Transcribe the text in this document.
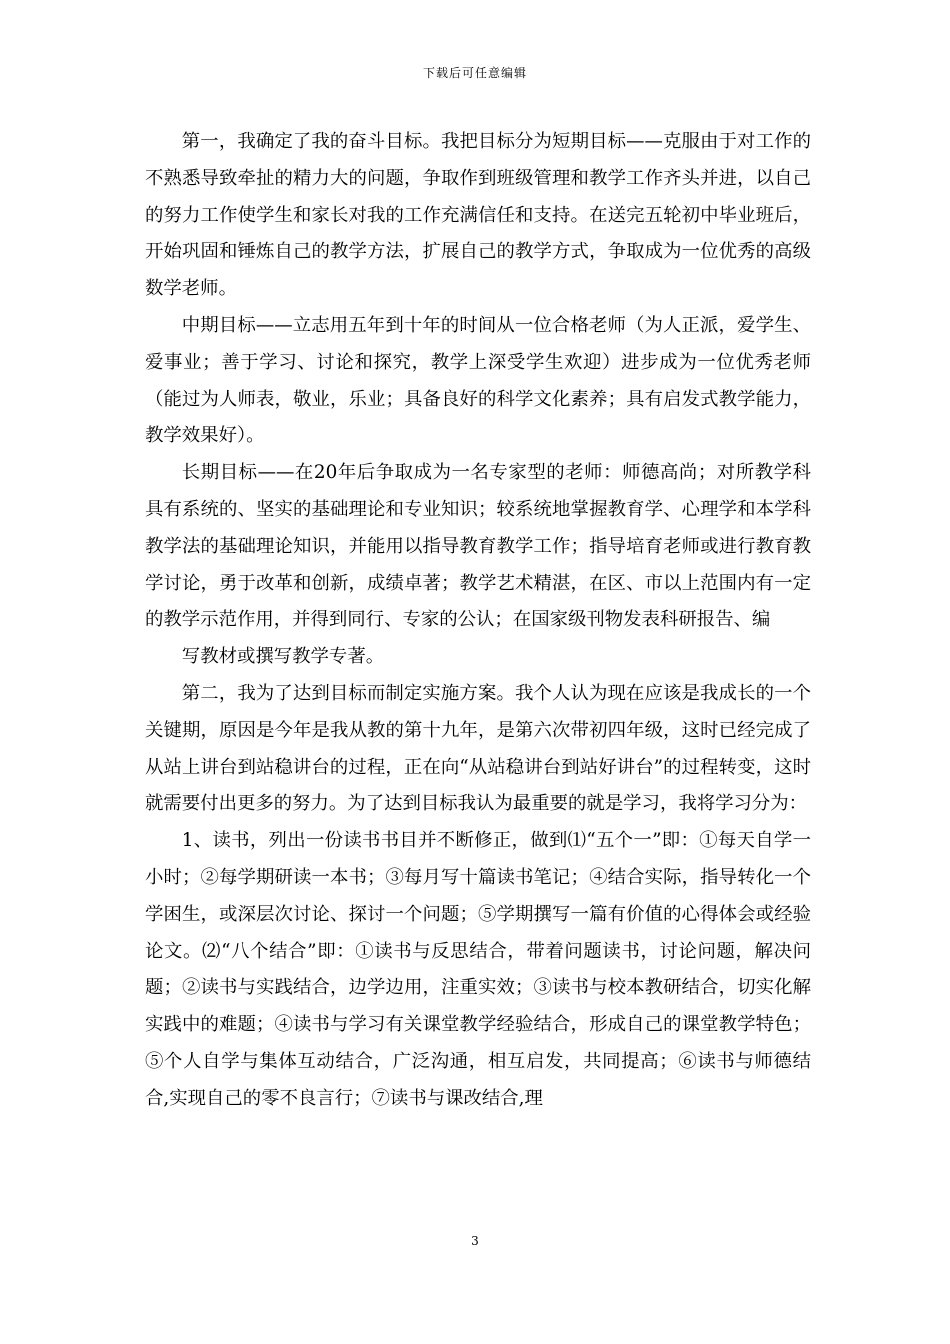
下载后可任意编辑

第一，我确定了我的奋斗目标。我把目标分为短期目标——克服由于对工作的不熟悉导致牵扯的精力大的问题，争取作到班级管理和教学工作齐头并进，以自己的努力工作使学生和家长对我的工作充满信任和支持。在送完五轮初中毕业班后，开始巩固和锤炼自己的教学方法，扩展自己的教学方式，争取成为一位优秀的高级数学老师。

中期目标——立志用五年到十年的时间从一位合格老师（为人正派，爱学生、爱事业；善于学习、讨论和探究，教学上深受学生欢迎）进步成为一位优秀老师（能过为人师表，敬业，乐业；具备良好的科学文化素养；具有启发式教学能力，教学效果好）。

长期目标——在20年后争取成为一名专家型的老师：师德高尚；对所教学科具有系统的、坚实的基础理论和专业知识；较系统地掌握教育学、心理学和本学科教学法的基础理论知识，并能用以指导教育教学工作；指导培育老师或进行教育教学讨论，勇于改革和创新，成绩卓著；教学艺术精湛，在区、市以上范围内有一定的教学示范作用，并得到同行、专家的公认；在国家级刊物发表科研报告、编

写教材或撰写教学专著。

第二，我为了达到目标而制定实施方案。我个人认为现在应该是我成长的一个关键期，原因是今年是我从教的第十九年，是第六次带初四年级，这时已经完成了从站上讲台到站稳讲台的过程，正在向“从站稳讲台到站好讲台”的过程转变，这时就需要付出更多的努力。为了达到目标我认为最重要的就是学习，我将学习分为：

1、读书，列出一份读书书目并不断修正，做到⑴“五个一”即：①每天自学一小时；②每学期研读一本书；③每月写十篇读书笔记；④结合实际，指导转化一个学困生，或深层次讨论、探讨一个问题；⑤学期撰写一篇有价值的心得体会或经验论文。⑵“八个结合”即：①读书与反思结合，带着问题读书，讨论问题，解决问题；②读书与实践结合，边学边用，注重实效；③读书与校本教研结合，切实化解实践中的难题；④读书与学习有关课堂教学经验结合，形成自己的课堂教学特色；⑤个人自学与集体互动结合，广泛沟通，相互启发，共同提高；⑥读书与师德结合,实现自己的零不良言行；⑦读书与课改结合,理

3
